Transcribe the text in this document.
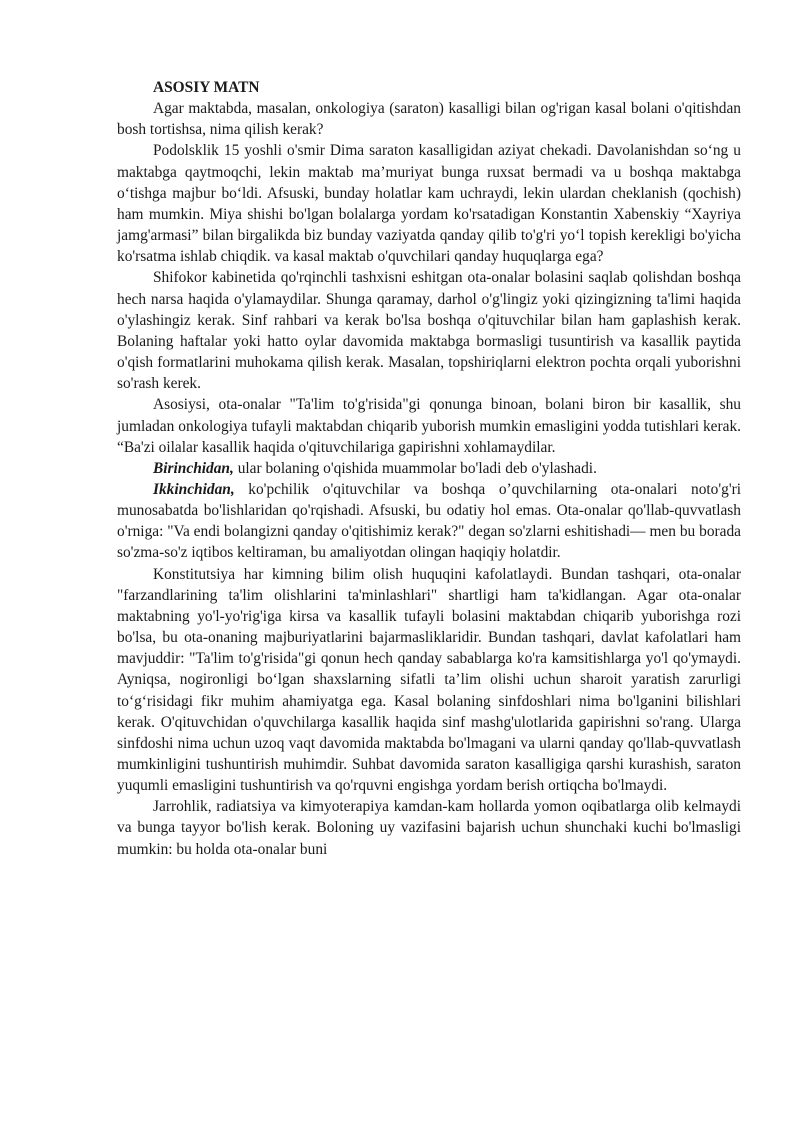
ASOSIY MATN

Agar maktabda, masalan, onkologiya (saraton) kasalligi bilan og'rigan kasal bolani o'qitishdan bosh tortishsa, nima qilish kerak?

Podolsklik 15 yoshli o'smir Dima saraton kasalligidan aziyat chekadi. Davolanishdan so‘ng u maktabga qaytmoqchi, lekin maktab ma’muriyat bunga ruxsat bermadi va u boshqa maktabga o‘tishga majbur bo‘ldi. Afsuski, bunday holatlar kam uchraydi, lekin ulardan cheklanish (qochish) ham mumkin. Miya shishi bo'lgan bolalarga yordam ko'rsatadigan Konstantin Xabenskiy “Xayriya jamg'armasi” bilan birgalikda biz bunday vaziyatda qanday qilib to'g'ri yo‘l topish kerekligi bo'yicha ko'rsatma ishlab chiqdik. va kasal maktab o'quvchilari qanday huquqlarga ega?

Shifokor kabinetida qo'rqinchli tashxisni eshitgan ota-onalar bolasini saqlab qolishdan boshqa hech narsa haqida o'ylamaydilar. Shunga qaramay, darhol o'g'lingiz yoki qizingizning ta'limi haqida o'ylashingiz kerak. Sinf rahbari va kerak bo'lsa boshqa o'qituvchilar bilan ham gaplashish kerak. Bolaning haftalar yoki hatto oylar davomida maktabga bormasligi tusuntirish va kasallik paytida o'qish formatlarini muhokama qilish kerak. Masalan, topshiriqlarni elektron pochta orqali yuborishni so'rash kerek.

Asosiysi, ota-onalar "Ta'lim to'g'risida"gi qonunga binoan, bolani biron bir kasallik, shu jumladan onkologiya tufayli maktabdan chiqarib yuborish mumkin emasligini yodda tutishlari kerak. “Ba'zi oilalar kasallik haqida o'qituvchilariga gapirishni xohlamaydilar.

Birinchidan, ular bolaning o'qishida muammolar bo'ladi deb o'ylashadi.

Ikkinchidan, ko'pchilik o'qituvchilar va boshqa o’quvchilarning ota-onalari noto'g'ri munosabatda bo'lishlaridan qo'rqishadi. Afsuski, bu odatiy hol emas. Ota-onalar qo'llab-quvvatlash o'rniga: "Va endi bolangizni qanday o'qitishimiz kerak?" degan so'zlarni eshitishadi— men bu borada so'zma-so'z iqtibos keltiraman, bu amaliyotdan olingan haqiqiy holatdir.

Konstitutsiya har kimning bilim olish huquqini kafolatlaydi. Bundan tashqari, ota-onalar "farzandlarining ta'lim olishlarini ta'minlashlari" shartligi ham ta'kidlangan. Agar ota-onalar maktabning yo'l-yo'rig'iga kirsa va kasallik tufayli bolasini maktabdan chiqarib yuborishga rozi bo'lsa, bu ota-onaning majburiyatlarini bajarmasliklaridir. Bundan tashqari, davlat kafolatlari ham mavjuddir: "Ta'lim to'g'risida"gi qonun hech qanday sabablarga ko'ra kamsitishlarga yo'l qo'ymaydi. Ayniqsa, nogironligi bo‘lgan shaxslarning sifatli ta’lim olishi uchun sharoit yaratish zarurligi to‘g‘risidagi fikr muhim ahamiyatga ega. Kasal bolaning sinfdoshlari nima bo'lganini bilishlari kerak. O'qituvchidan o'quvchilarga kasallik haqida sinf mashg'ulotlarida gapirishni so'rang. Ularga sinfdoshi nima uchun uzoq vaqt davomida maktabda bo'lmagani va ularni qanday qo'llab-quvvatlash mumkinligini tushuntirish muhimdir. Suhbat davomida saraton kasalligiga qarshi kurashish, saraton yuqumli emasligini tushuntirish va qo'rquvni engishga yordam berish ortiqcha bo'lmaydi.

Jarrohlik, radiatsiya va kimyoterapiya kamdan-kam hollarda yomon oqibatlarga olib kelmaydi va bunga tayyor bo'lish kerak. Boloning uy vazifasini bajarish uchun shunchaki kuchi bo'lmasligi mumkin: bu holda ota-onalar buni
